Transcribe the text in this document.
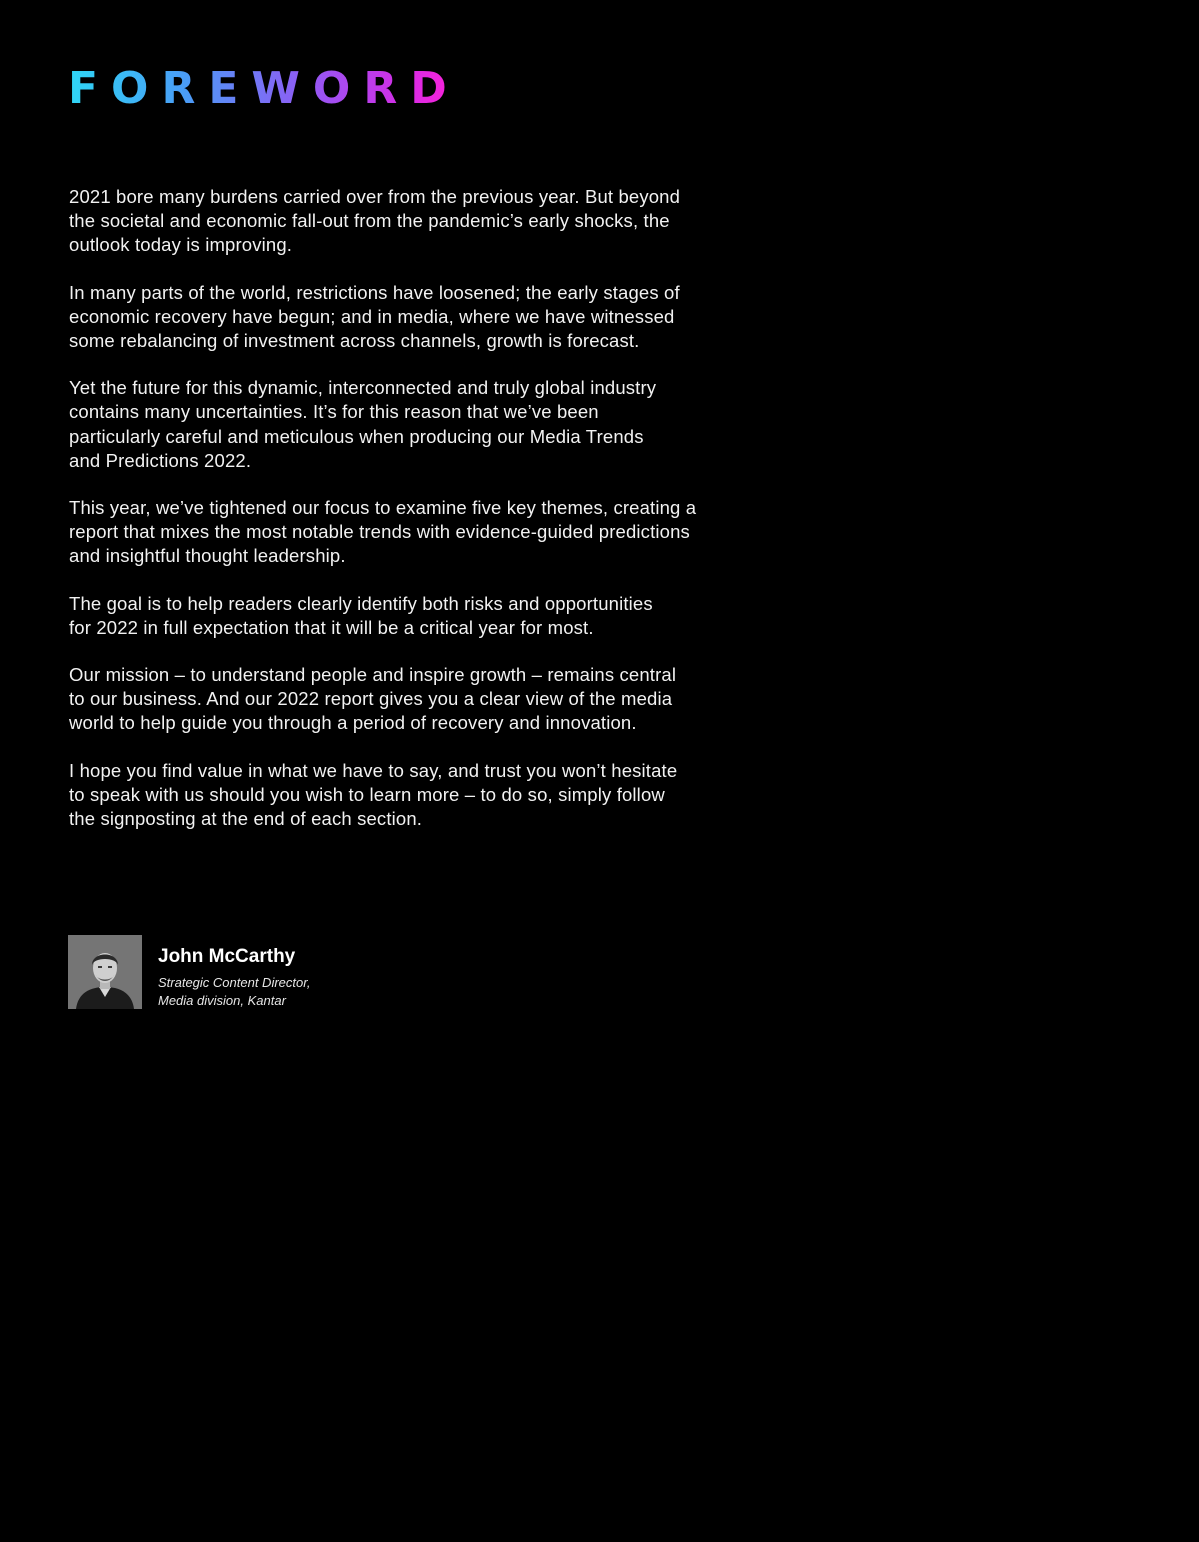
FOREWORD

2021 bore many burdens carried over from the previous year. But beyond
the societal and economic fall-out from the pandemic’s early shocks, the
outlook today is improving.

In many parts of the world, restrictions have loosened; the early stages of
economic recovery have begun; and in media, where we have witnessed
some rebalancing of investment across channels, growth is forecast.

Yet the future for this dynamic, interconnected and truly global industry
contains many uncertainties. It’s for this reason that we’ve been
particularly careful and meticulous when producing our Media Trends
and Predictions 2022.

This year, we’ve tightened our focus to examine five key themes, creating a
report that mixes the most notable trends with evidence-guided predictions
and insightful thought leadership.

The goal is to help readers clearly identify both risks and opportunities
for 2022 in full expectation that it will be a critical year for most.

Our mission – to understand people and inspire growth – remains central
to our business. And our 2022 report gives you a clear view of the media
world to help guide you through a period of recovery and innovation.

I hope you find value in what we have to say, and trust you won’t hesitate
to speak with us should you wish to learn more – to do so, simply follow
the signposting at the end of each section.

John McCarthy
Strategic Content Director,
Media division, Kantar
